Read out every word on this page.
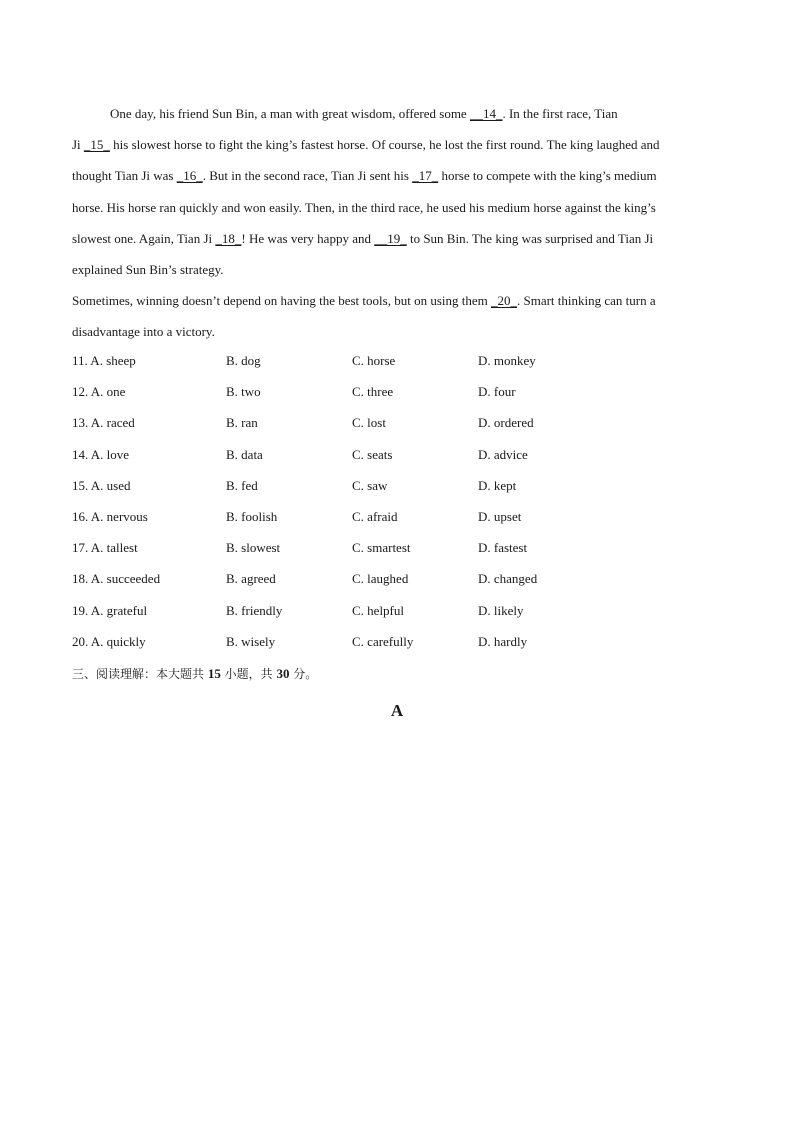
One day, his friend Sun Bin, a man with great wisdom, offered some __14_. In the first race, Tian
Ji _15_ his slowest horse to fight the king’s fastest horse. Of course, he lost the first round. The king laughed and
thought Tian Ji was _16_. But in the second race, Tian Ji sent his _17_ horse to compete with the king’s medium
horse. His horse ran quickly and won easily. Then, in the third race, he used his medium horse against the king’s
slowest one. Again, Tian Ji _18_! He was very happy and __19_ to Sun Bin. The king was surprised and Tian Ji
explained Sun Bin’s strategy.
Sometimes, winning doesn’t depend on having the best tools, but on using them _20_. Smart thinking can turn a
disadvantage into a victory.
11. A. sheep	B. dog	C. horse	D. monkey
12. A. one	B. two	C. three	D. four
13. A. raced	B. ran	C. lost	D. ordered
14. A. love	B. data	C. seats	D. advice
15. A. used	B. fed	C. saw	D. kept
16. A. nervous	B. foolish	C. afraid	D. upset
17. A. tallest	B. slowest	C. smartest	D. fastest
18. A. succeeded	B. agreed	C. laughed	D. changed
19. A. grateful	B. friendly	C. helpful	D. likely
20. A. quickly	B. wisely	C. carefully	D. hardly
三、阅读理解：本大题共 15 小题，共 30 分。
A
